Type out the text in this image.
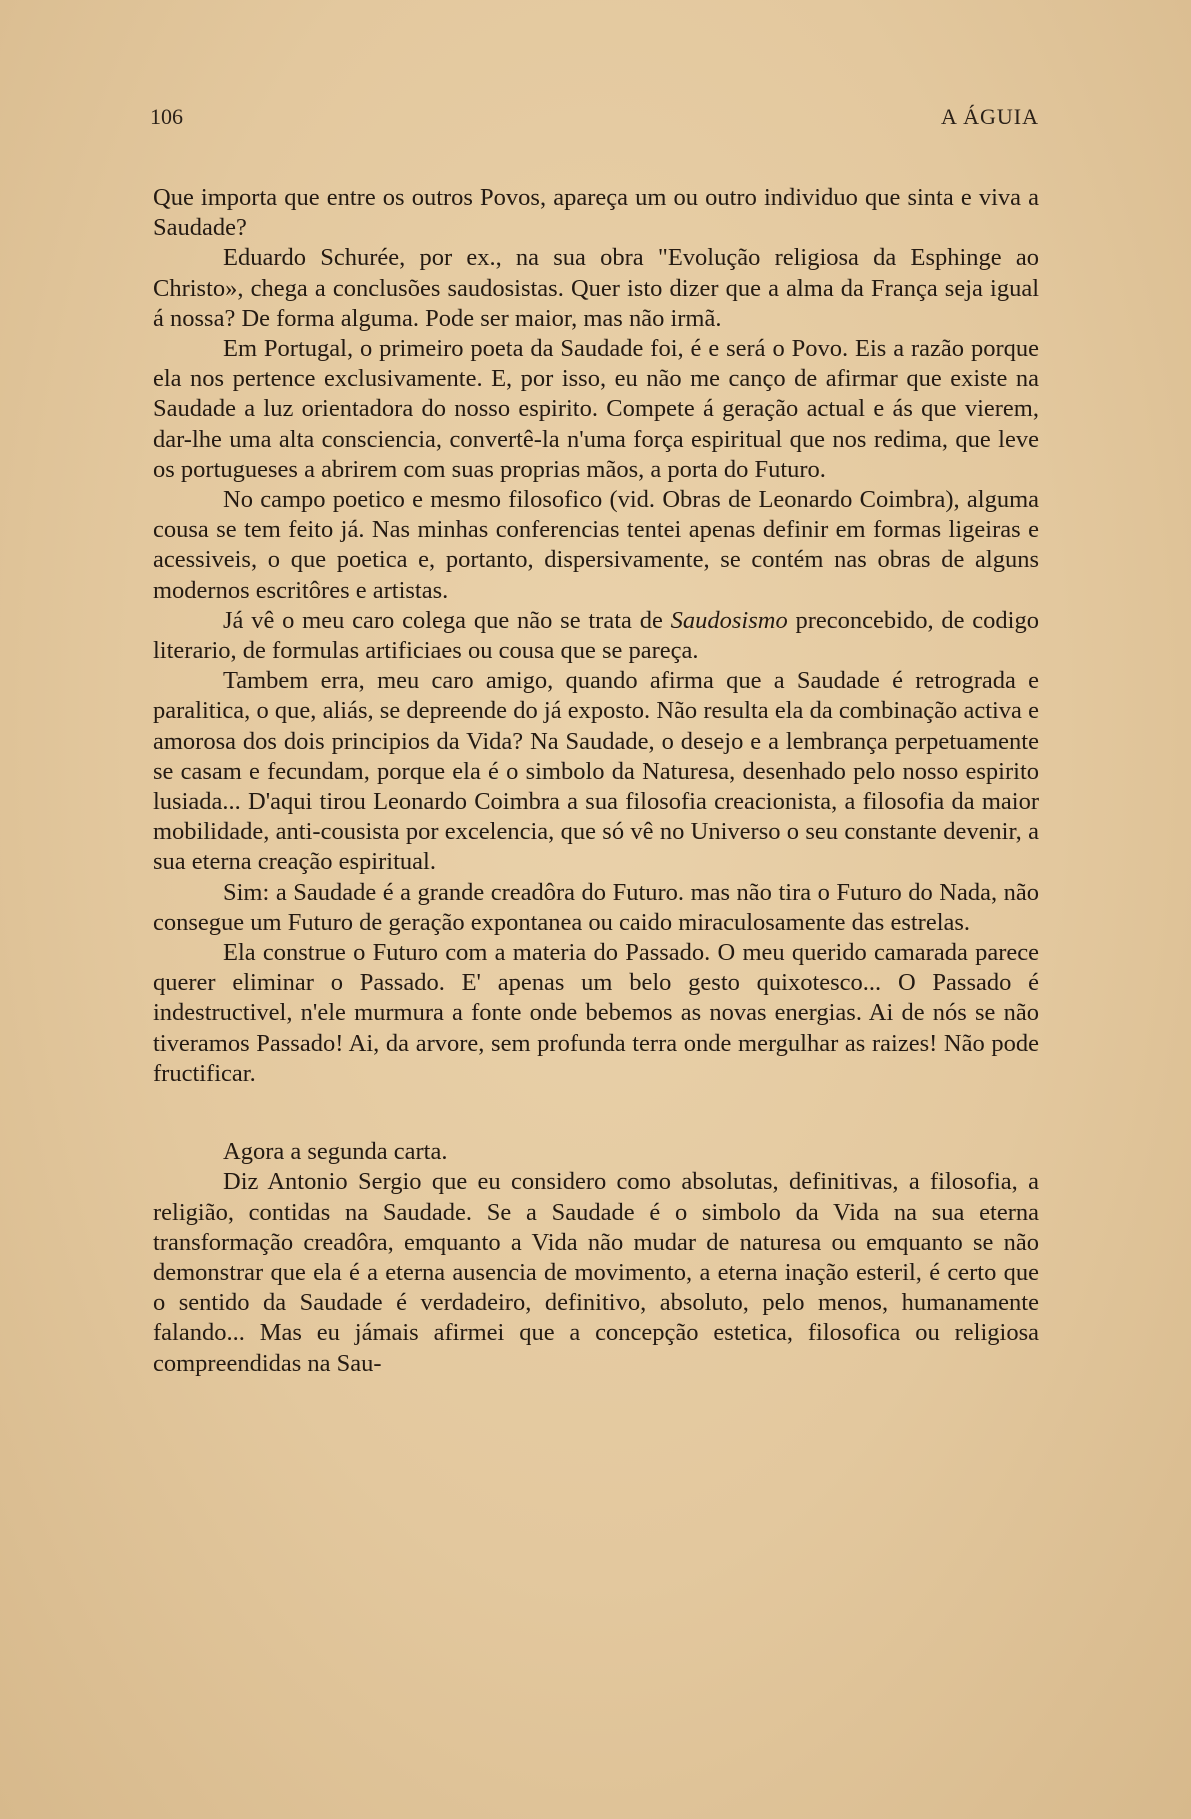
106	A ÁGUIA

Que importa que entre os outros Povos, apareça um ou outro individuo que sinta e viva a Saudade?

Eduardo Schurée, por ex., na sua obra "Evolução religiosa da Esphinge ao Christo», chega a conclusões saudosistas. Quer isto dizer que a alma da França seja igual á nossa? De forma alguma. Pode ser maior, mas não irmã.

Em Portugal, o primeiro poeta da Saudade foi, é e será o Povo. Eis a razão porque ela nos pertence exclusivamente. E, por isso, eu não me canço de afirmar que existe na Saudade a luz orientadora do nosso espirito. Compete á geração actual e ás que vierem, dar-lhe uma alta consciencia, convertê-la n'uma força espiritual que nos redima, que leve os portugueses a abrirem com suas proprias mãos, a porta do Futuro.

No campo poetico e mesmo filosofico (vid. Obras de Leonardo Coimbra), alguma cousa se tem feito já. Nas minhas conferencias tentei apenas definir em formas ligeiras e acessiveis, o que poetica e, portanto, dispersivamente, se contém nas obras de alguns modernos escritôres e artistas.

Já vê o meu caro colega que não se trata de Saudosismo preconcebido, de codigo literario, de formulas artificiaes ou cousa que se pareça.

Tambem erra, meu caro amigo, quando afirma que a Saudade é retrograda e paralitica, o que, aliás, se depreende do já exposto. Não resulta ela da combinação activa e amorosa dos dois principios da Vida? Na Saudade, o desejo e a lembrança perpetuamente se casam e fecundam, porque ela é o simbolo da Naturesa, desenhado pelo nosso espirito lusiada... D'aqui tirou Leonardo Coimbra a sua filosofia creacionista, a filosofia da maior mobilidade, anti-cousista por excelencia, que só vê no Universo o seu constante devenir, a sua eterna creação espiritual.

Sim: a Saudade é a grande creadôra do Futuro. mas não tira o Futuro do Nada, não consegue um Futuro de geração expontanea ou caido miraculosamente das estrelas.

Ela construe o Futuro com a materia do Passado. O meu querido camarada parece querer eliminar o Passado. E' apenas um belo gesto quixotesco... O Passado é indestructivel, n'ele murmura a fonte onde bebemos as novas energias. Ai de nós se não tiveramos Passado! Ai, da arvore, sem profunda terra onde mergulhar as raizes! Não pode fructificar.

Agora a segunda carta.

Diz Antonio Sergio que eu considero como absolutas, definitivas, a filosofia, a religião, contidas na Saudade. Se a Saudade é o simbolo da Vida na sua eterna transformação creadôra, emquanto a Vida não mudar de naturesa ou emquanto se não demonstrar que ela é a eterna ausencia de movimento, a eterna inação esteril, é certo que o sentido da Saudade é verdadeiro, definitivo, absoluto, pelo menos, humanamente falando... Mas eu jámais afirmei que a concepção estetica, filosofica ou religiosa compreendidas na Sau-
